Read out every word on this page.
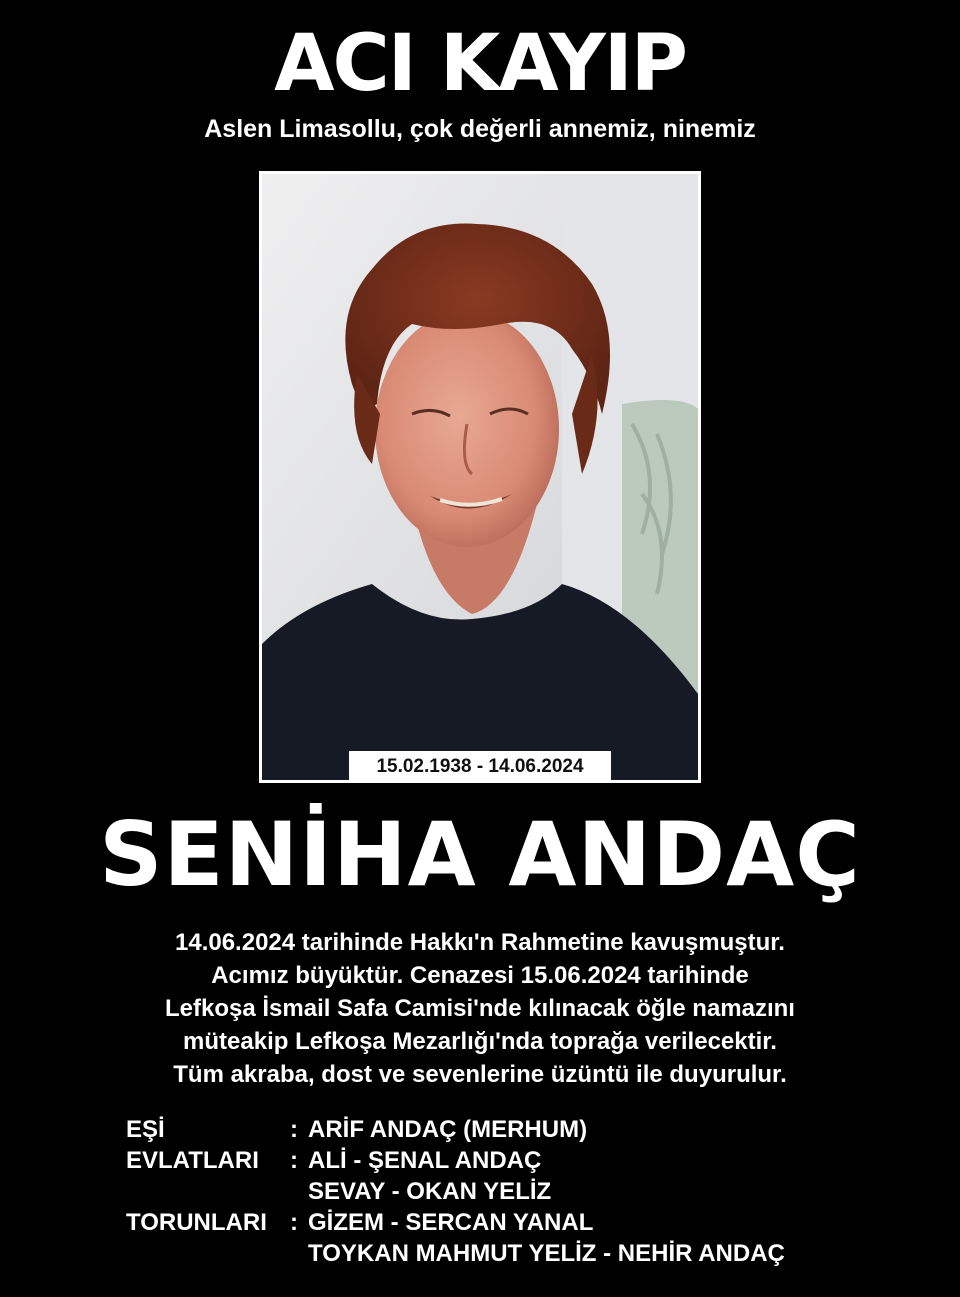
ACI KAYIP

Aslen Limasollu, çok değerli annemiz, ninemiz

15.02.1938 - 14.06.2024
SENİHA ANDAÇ
14.06.2024 tarihinde Hakkı'n Rahmetine kavuşmuştur.
Acımız büyüktür. Cenazesi 15.06.2024 tarihinde
Lefkoşa İsmail Safa Camisi'nde kılınacak öğle namazını
müteakip Lefkoşa Mezarlığı'nda toprağa verilecektir.
Tüm akraba, dost ve sevenlerine üzüntü ile duyurulur.
EŞİ	: ARİF ANDAÇ (MERHUM)
EVLATLARI	: ALİ - ŞENAL ANDAÇ
SEVAY - OKAN YELİZ
TORUNLARI : GİZEM - SERCAN YANAL
TOYKAN MAHMUT YELİZ - NEHİR ANDAÇ
